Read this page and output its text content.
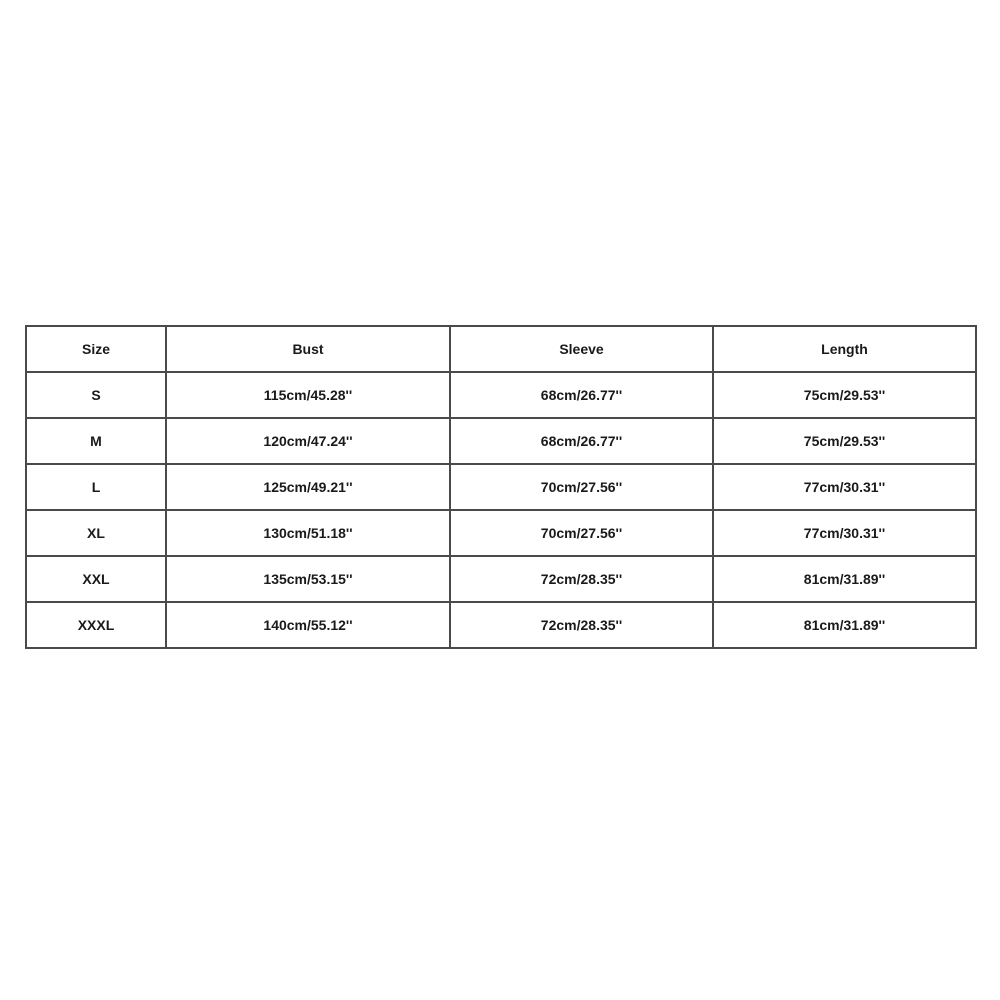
Size	Bust	Sleeve	Length
S	115cm/45.28''	68cm/26.77''	75cm/29.53''
M	120cm/47.24''	68cm/26.77''	75cm/29.53''
L	125cm/49.21''	70cm/27.56''	77cm/30.31''
XL	130cm/51.18''	70cm/27.56''	77cm/30.31''
XXL	135cm/53.15''	72cm/28.35''	81cm/31.89''
XXXL	140cm/55.12''	72cm/28.35''	81cm/31.89''
